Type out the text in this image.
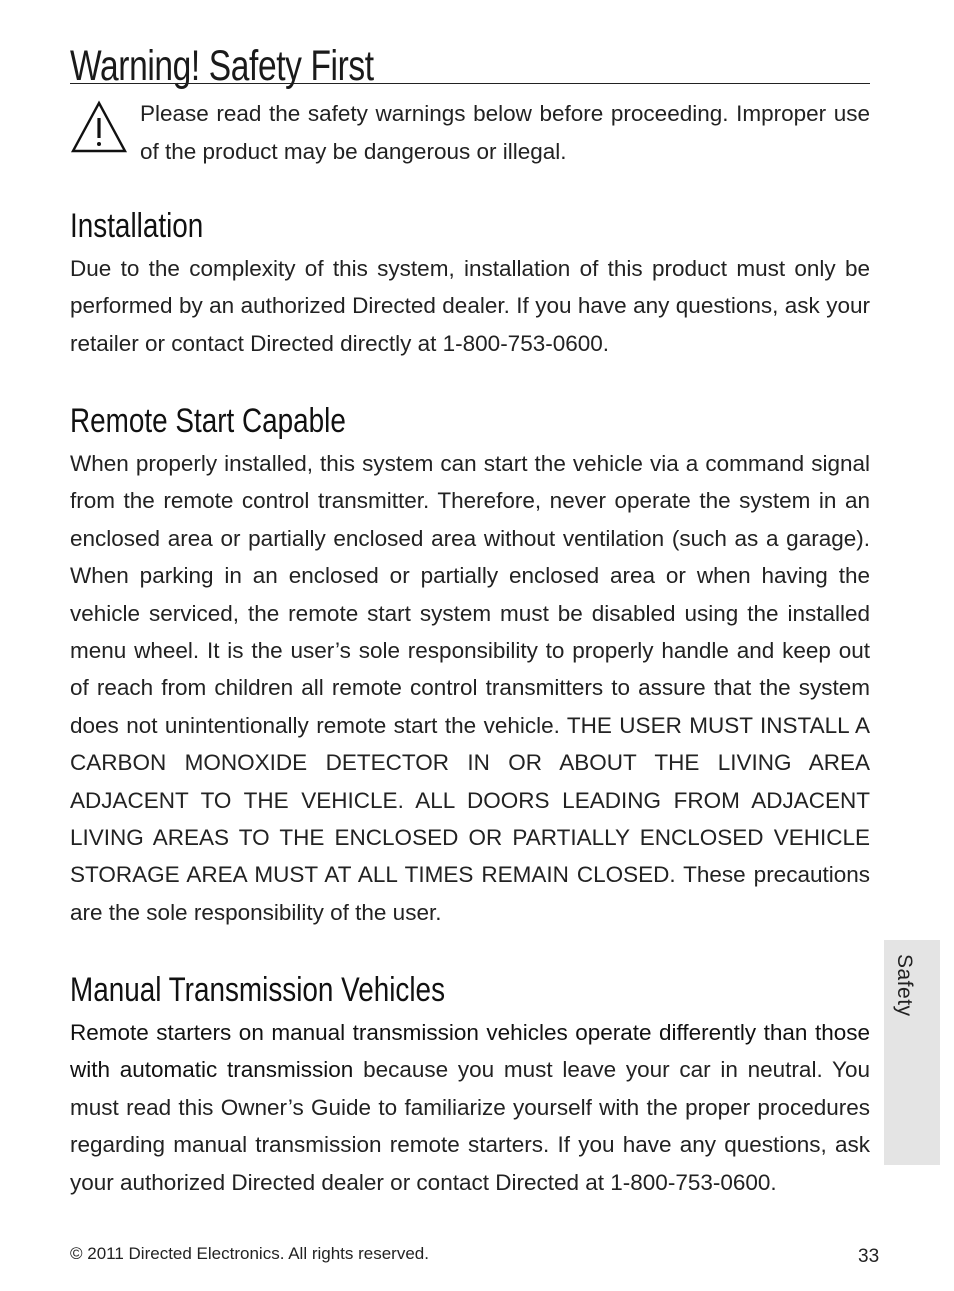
Warning! Safety First

Please read the safety warnings below before proceeding. Improper use of the product may be dangerous or illegal.

Installation

Due to the complexity of this system, installation of this product must only be performed by an authorized Directed dealer. If you have any questions, ask your retailer or contact Directed directly at 1-800-753-0600.

Remote Start Capable

When properly installed, this system can start the vehicle via a command signal from the remote control transmitter. Therefore, never operate the system in an enclosed area or partially enclosed area without ventilation (such as a garage). When parking in an enclosed or partially enclosed area or when having the vehicle serviced, the remote start system must be disabled using the installed menu wheel. It is the user’s sole responsibility to properly handle and keep out of reach from children all remote control transmitters to assure that the system does not unintentionally remote start the vehicle. THE USER MUST INSTALL A CARBON MONOXIDE DETECTOR IN OR ABOUT THE LIVING AREA ADJACENT TO THE VEHICLE. ALL DOORS LEADING FROM ADJACENT LIVING AREAS TO THE ENCLOSED OR PARTIALLY ENCLOSED VEHICLE STORAGE AREA MUST AT ALL TIMES REMAIN CLOSED. These precautions are the sole responsibility of the user.

Manual Transmission Vehicles

Remote starters on manual transmission vehicles operate differently than those with automatic transmission because you must leave your car in neutral. You must read this Owner’s Guide to familiarize yourself with the proper procedures regarding manual transmission remote starters. If you have any questions, ask your authorized Directed dealer or contact Directed at 1-800-753-0600.

Safety
© 2011 Directed Electronics. All rights reserved.	33
